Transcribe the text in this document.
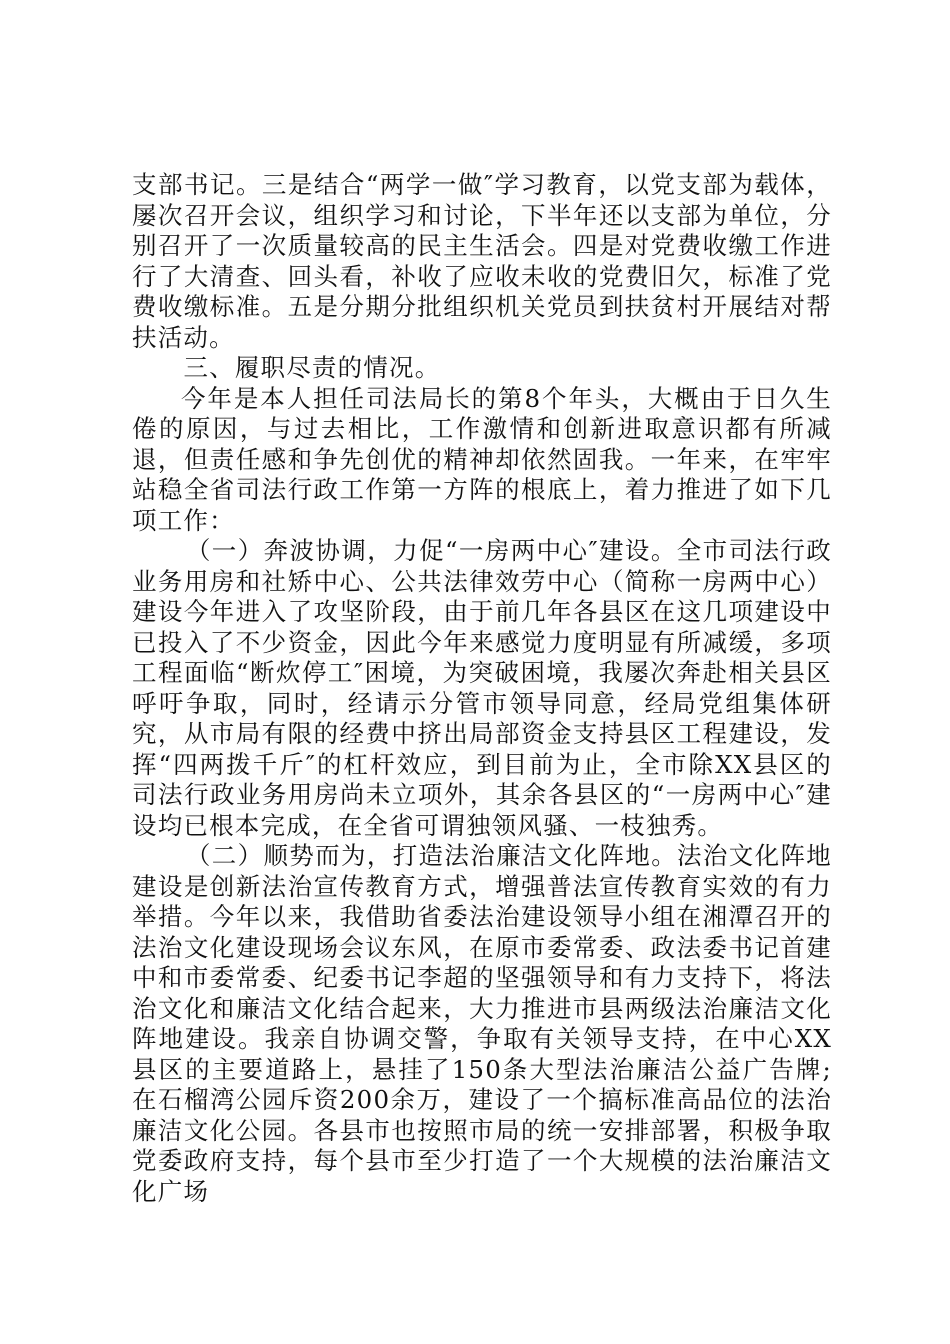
支部书记。三是结合“两学一做″学习教育，以党支部为载体，屡次召开会议，组织学习和讨论，下半年还以支部为单位，分别召开了一次质量较高的民主生活会。四是对党费收缴工作进行了大清查、回头看，补收了应收未收的党费旧欠，标准了党费收缴标准。五是分期分批组织机关党员到扶贫村开展结对帮扶活动。

三、履职尽责的情况。

今年是本人担任司法局长的第8个年头，大概由于日久生倦的原因，与过去相比，工作激情和创新进取意识都有所减退，但责任感和争先创优的精神却依然固我。一年来，在牢牢站稳全省司法行政工作第一方阵的根底上，着力推进了如下几项工作：

（一）奔波协调，力促“一房两中心″建设。全市司法行政业务用房和社矫中心、公共法律效劳中心（简称一房两中心）建设今年进入了攻坚阶段，由于前几年各县区在这几项建设中已投入了不少资金，因此今年来感觉力度明显有所减缓，多项工程面临“断炊停工″困境，为突破困境，我屡次奔赴相关县区呼吁争取，同时，经请示分管市领导同意，经局党组集体研究，从市局有限的经费中挤出局部资金支持县区工程建设，发挥“四两拨千斤″的杠杆效应，到目前为止，全市除XX县区的司法行政业务用房尚未立项外，其余各县区的“一房两中心″建设均已根本完成，在全省可谓独领风骚、一枝独秀。

（二）顺势而为，打造法治廉洁文化阵地。法治文化阵地建设是创新法治宣传教育方式，增强普法宣传教育实效的有力举措。今年以来，我借助省委法治建设领导小组在湘潭召开的法治文化建设现场会议东风，在原市委常委、政法委书记首建中和市委常委、纪委书记李超的坚强领导和有力支持下，将法治文化和廉洁文化结合起来，大力推进市县两级法治廉洁文化阵地建设。我亲自协调交警，争取有关领导支持，在中心XX县区的主要道路上，悬挂了150条大型法治廉洁公益广告牌;在石榴湾公园斥资200余万，建设了一个搞标准高品位的法治廉洁文化公园。各县市也按照市局的统一安排部署，积极争取党委政府支持，每个县市至少打造了一个大规模的法治廉洁文化广场
